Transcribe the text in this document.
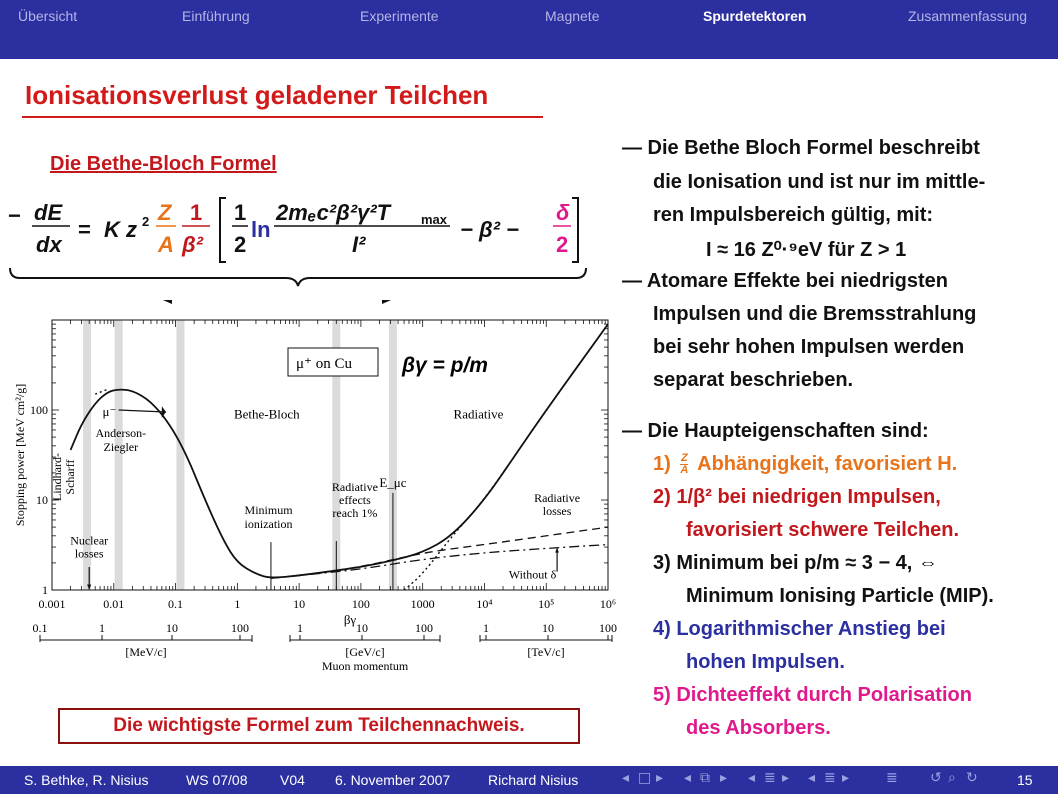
Übersicht	Einführung	Experimente	Magnete	Spurdetektoren	Zusammenfassung
Ionisationsverlust geladener Teilchen
Die Bethe-Bloch Formel
− dE
dx
= K z 2 Z
A
1
β²
1
2
ln
2mₑc²β²γ²T max
I²
− β² −
δ
2
0.001	0.01	0.1	1	10	100	1000	10⁴	10⁵	10⁶
1
10
100
βγ
Stopping power [MeV cm²/g]	μ⁻
Anderson-
Ziegler
Lindhard- Scharff
Nuclear
losses
Bethe-Bloch
Minimum
ionization
Radiative
effects
reach 1%
Radiative
E_μc
Radiative
losses
Without δ
0.1	1	10	100
[MeV/c]
1	10	100
[GeV/c]
1	10	100
[TeV/c]
Muon momentum
μ⁺ on Cu βγ = p/m
Die wichtigste Formel zum Teilchennachweis.
— Die Bethe Bloch Formel beschreibt
die Ionisation und ist nur im mittle-
ren Impulsbereich gültig, mit:
I ≈ 16 Z⁰·⁹eV für Z > 1
— Atomare Effekte bei niedrigsten
Impulsen und die Bremsstrahlung
bei sehr hohen Impulsen werden
separat beschrieben.
— Die Haupteigenschaften sind:
$1) \frac{Z}{A}$ Abhängigkeit, favorisiert H.
2) 1/β² bei niedrigen Impulsen,
favorisiert schwere Teilchen.
3) Minimum bei p/m ≈ 3 − 4, ⇔
Minimum Ionising Particle (MIP).
4) Logarithmischer Anstieg bei
hohen Impulsen.
5) Dichteeffekt durch Polarisation
des Absorbers.
S. Bethke, R. Nisius	WS 07/08 V04 6. November 2007	Richard Nisius	◂ □ ▸ ◂ ⧉ ▸ ◂ ≣ ▸ ◂ ≣ ▸	≣ ↺ ⌕ ↻	15
